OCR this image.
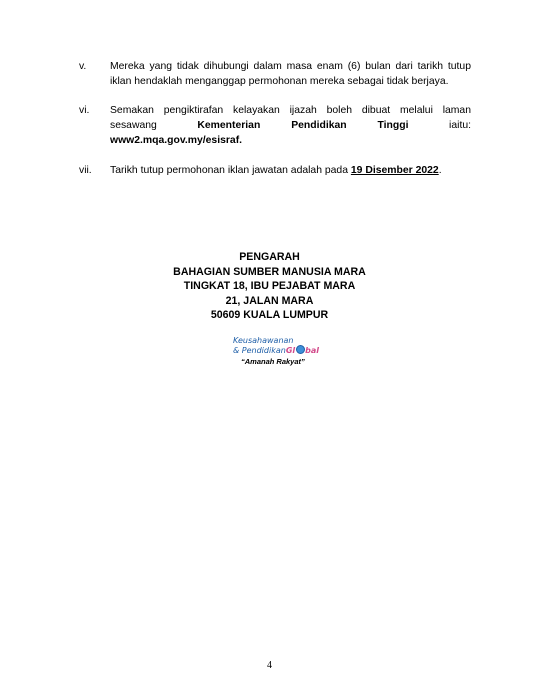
v. Mereka yang tidak dihubungi dalam masa enam (6) bulan dari tarikh tutup
iklan hendaklah menganggap permohonan mereka sebagai tidak berjaya.
vi. Semakan pengiktirafan kelayakan ijazah boleh dibuat melalui laman
sesawang	Kementerian Pendidikan Tinggi	iaitu:
www2.mqa.gov.my/esisraf.
vii. Tarikh tutup permohonan iklan jawatan adalah pada 19 Disember 2022.
PENGARAH
BAHAGIAN SUMBER MANUSIA MARA
TINGKAT 18, IBU PEJABAT MARA
21, JALAN MARA
50609 KUALA LUMPUR
Keusahawanan
& PendidikanGl bal
“Amanah Rakyat”
4
